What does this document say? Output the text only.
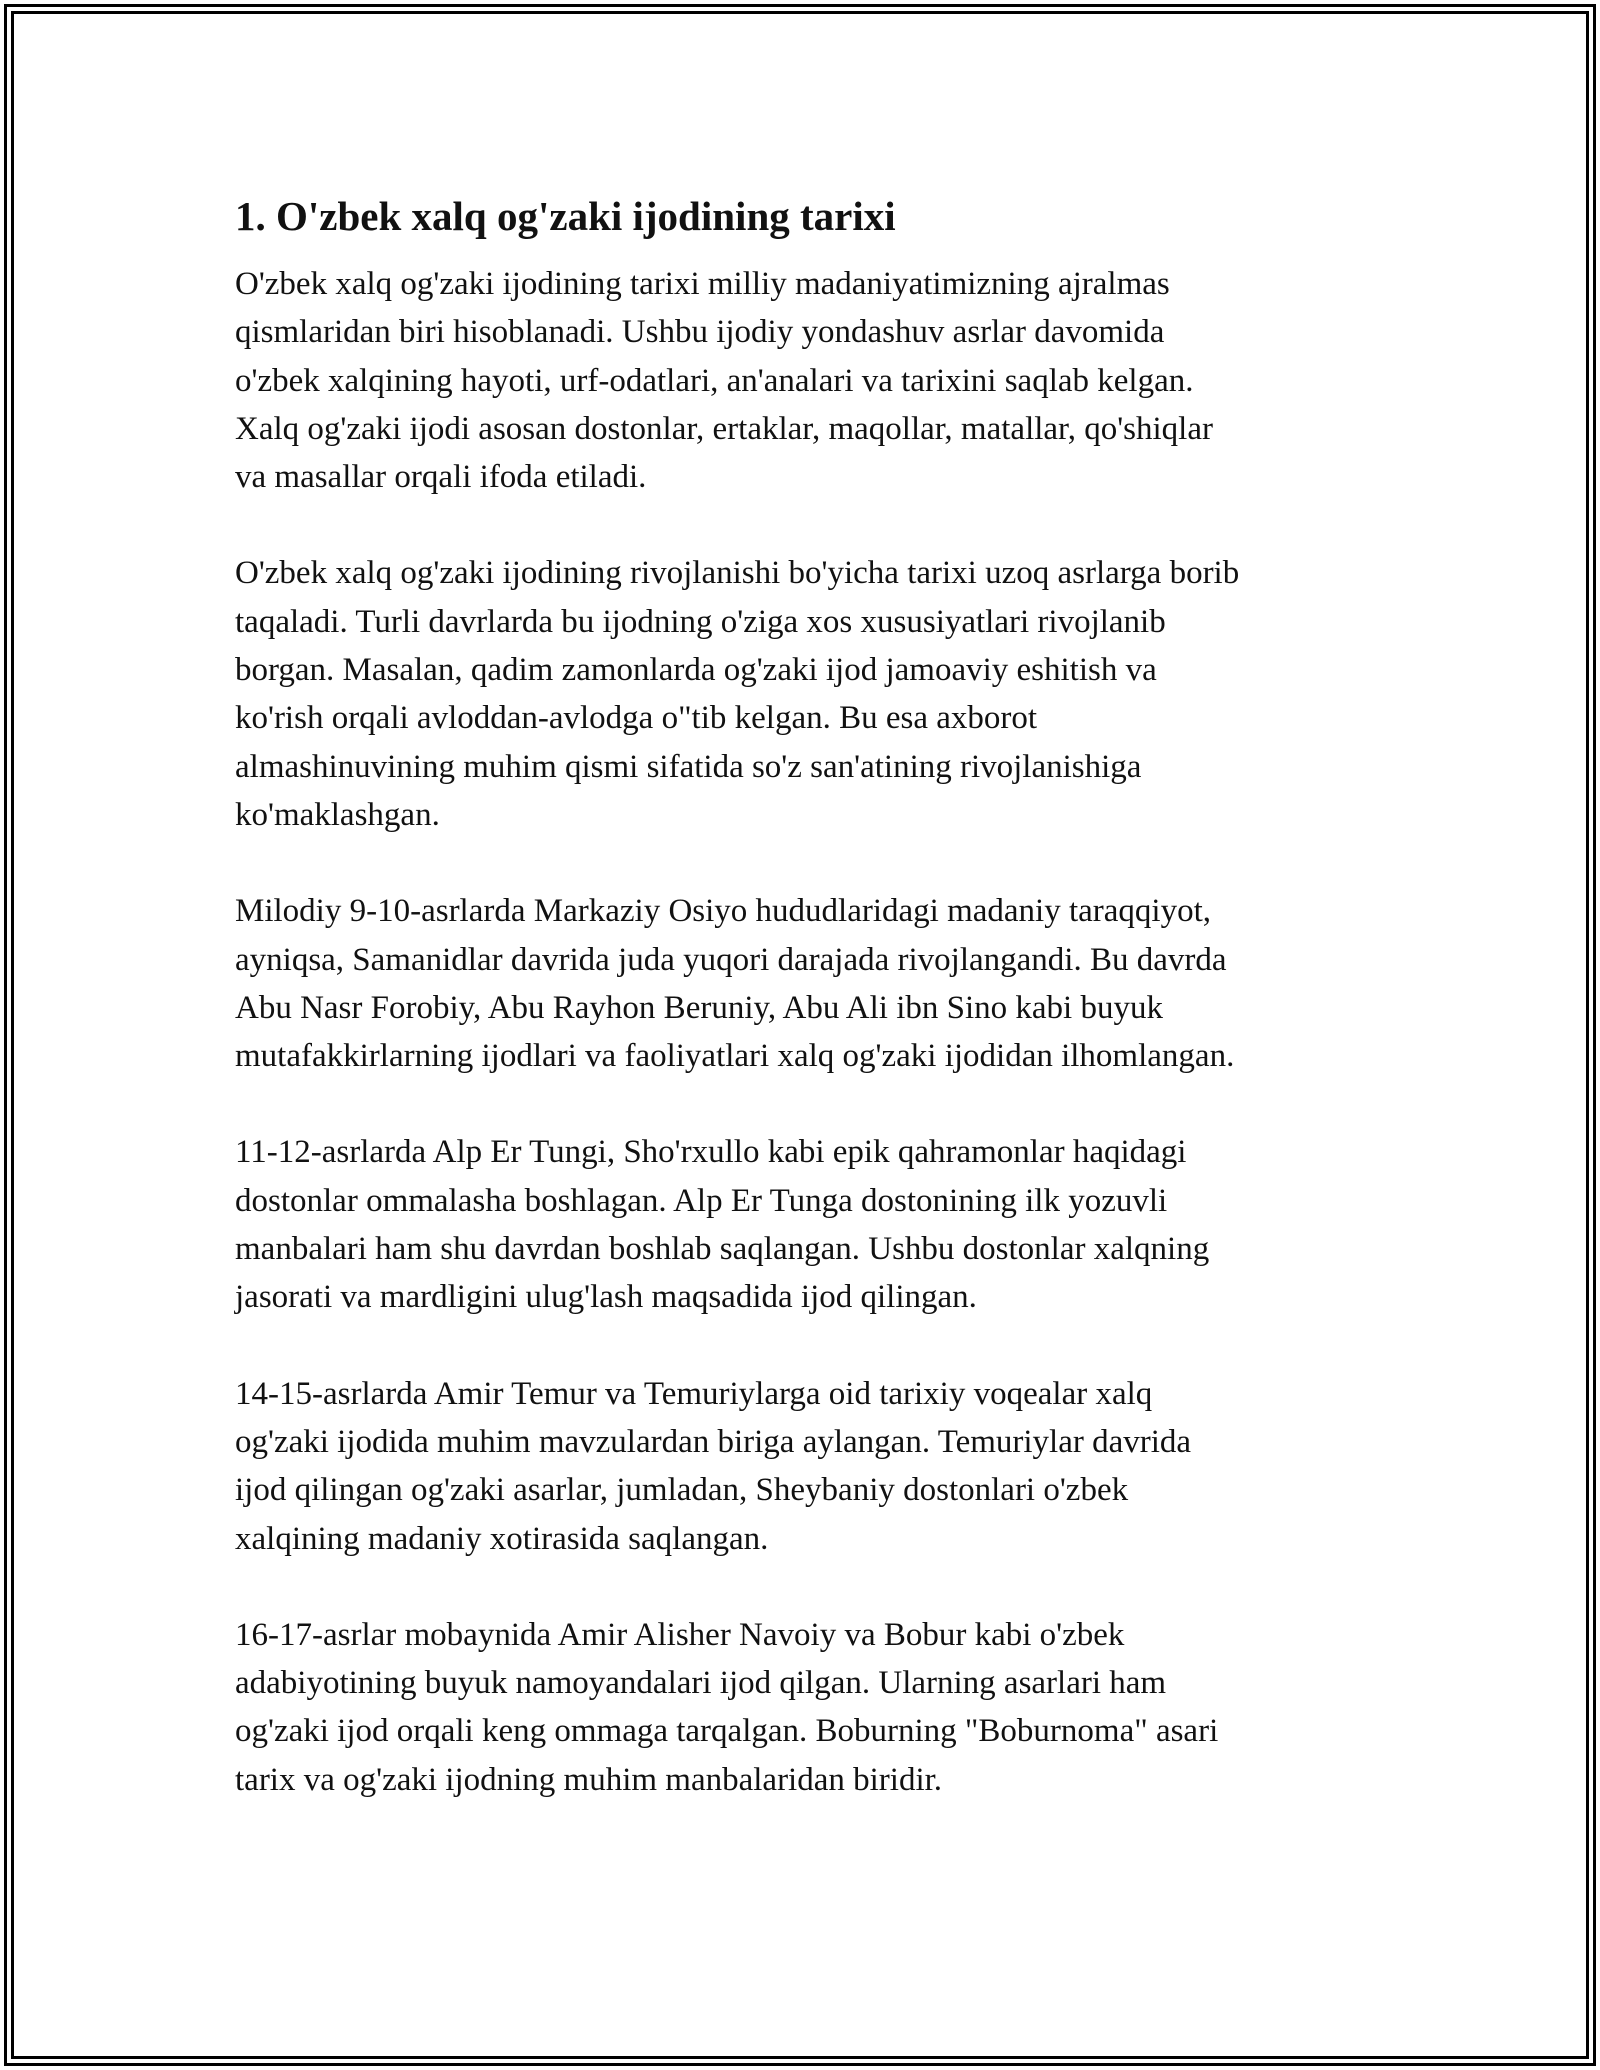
1. O'zbek xalq og'zaki ijodining tarixi

O'zbek xalq og'zaki ijodining tarixi milliy madaniyatimizning ajralmas
qismlaridan biri hisoblanadi. Ushbu ijodiy yondashuv asrlar davomida
o'zbek xalqining hayoti, urf-odatlari, an'analari va tarixini saqlab kelgan.
Xalq og'zaki ijodi asosan dostonlar, ertaklar, maqollar, matallar, qo'shiqlar
va masallar orqali ifoda etiladi.

O'zbek xalq og'zaki ijodining rivojlanishi bo'yicha tarixi uzoq asrlarga borib
taqaladi. Turli davrlarda bu ijodning o'ziga xos xususiyatlari rivojlanib
borgan. Masalan, qadim zamonlarda og'zaki ijod jamoaviy eshitish va
ko'rish orqali avloddan-avlodga o"tib kelgan. Bu esa axborot
almashinuvining muhim qismi sifatida so'z san'atining rivojlanishiga
ko'maklashgan.

Milodiy 9-10-asrlarda Markaziy Osiyo hududlaridagi madaniy taraqqiyot,
ayniqsa, Samanidlar davrida juda yuqori darajada rivojlangandi. Bu davrda
Abu Nasr Forobiy, Abu Rayhon Beruniy, Abu Ali ibn Sino kabi buyuk
mutafakkirlarning ijodlari va faoliyatlari xalq og'zaki ijodidan ilhomlangan.

11-12-asrlarda Alp Er Tungi, Sho'rxullo kabi epik qahramonlar haqidagi
dostonlar ommalasha boshlagan. Alp Er Tunga dostonining ilk yozuvli
manbalari ham shu davrdan boshlab saqlangan. Ushbu dostonlar xalqning
jasorati va mardligini ulug'lash maqsadida ijod qilingan.

14-15-asrlarda Amir Temur va Temuriylarga oid tarixiy voqealar xalq
og'zaki ijodida muhim mavzulardan biriga aylangan. Temuriylar davrida
ijod qilingan og'zaki asarlar, jumladan, Sheybaniy dostonlari o'zbek
xalqining madaniy xotirasida saqlangan.

16-17-asrlar mobaynida Amir Alisher Navoiy va Bobur kabi o'zbek
adabiyotining buyuk namoyandalari ijod qilgan. Ularning asarlari ham
og'zaki ijod orqali keng ommaga tarqalgan. Boburning "Boburnoma" asari
tarix va og'zaki ijodning muhim manbalaridan biridir.
